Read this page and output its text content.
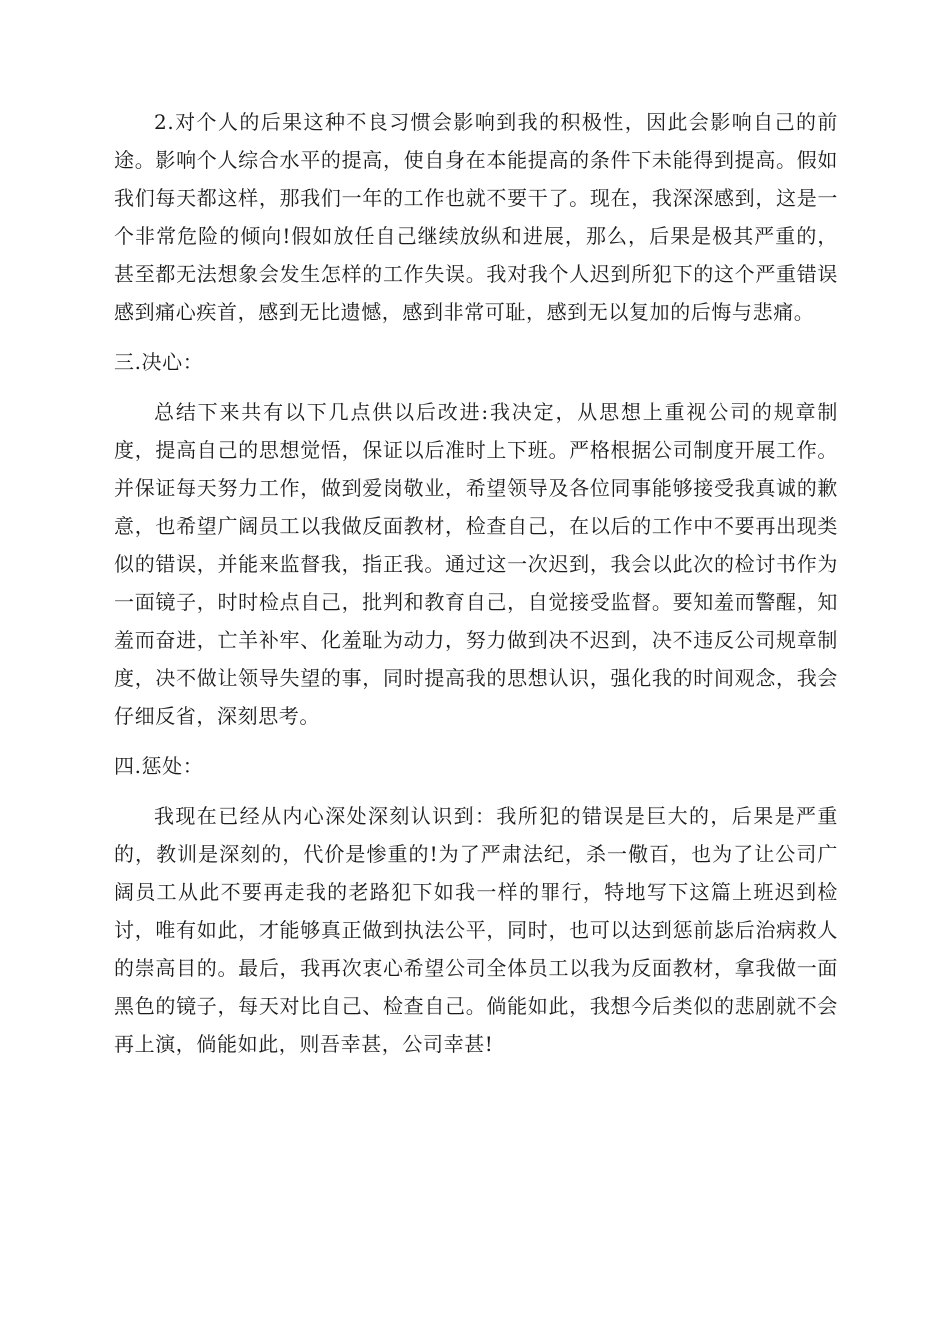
2.对个人的后果这种不良习惯会影响到我的积极性，因此会影响自己的前途。影响个人综合水平的提高，使自身在本能提高的条件下未能得到提高。假如我们每天都这样，那我们一年的工作也就不要干了。现在，我深深感到，这是一个非常危险的倾向!假如放任自己继续放纵和进展，那么，后果是极其严重的，甚至都无法想象会发生怎样的工作失误。我对我个人迟到所犯下的这个严重错误感到痛心疾首，感到无比遗憾，感到非常可耻，感到无以复加的后悔与悲痛。

三.决心：

总结下来共有以下几点供以后改进:我决定，从思想上重视公司的规章制度，提高自己的思想觉悟，保证以后准时上下班。严格根据公司制度开展工作。并保证每天努力工作，做到爱岗敬业，希望领导及各位同事能够接受我真诚的歉意，也希望广阔员工以我做反面教材，检查自己，在以后的工作中不要再出现类似的错误，并能来监督我，指正我。通过这一次迟到，我会以此次的检讨书作为一面镜子，时时检点自己，批判和教育自己，自觉接受监督。要知羞而警醒，知羞而奋进，亡羊补牢、化羞耻为动力，努力做到决不迟到，决不违反公司规章制度，决不做让领导失望的事，同时提高我的思想认识，强化我的时间观念，我会仔细反省，深刻思考。

四.惩处：

我现在已经从内心深处深刻认识到：我所犯的错误是巨大的，后果是严重的，教训是深刻的，代价是惨重的!为了严肃法纪，杀一儆百，也为了让公司广阔员工从此不要再走我的老路犯下如我一样的罪行，特地写下这篇上班迟到检讨，唯有如此，才能够真正做到执法公平，同时，也可以达到惩前毖后治病救人的崇高目的。最后，我再次衷心希望公司全体员工以我为反面教材，拿我做一面黑色的镜子，每天对比自己、检查自己。倘能如此，我想今后类似的悲剧就不会再上演，倘能如此，则吾幸甚，公司幸甚!
